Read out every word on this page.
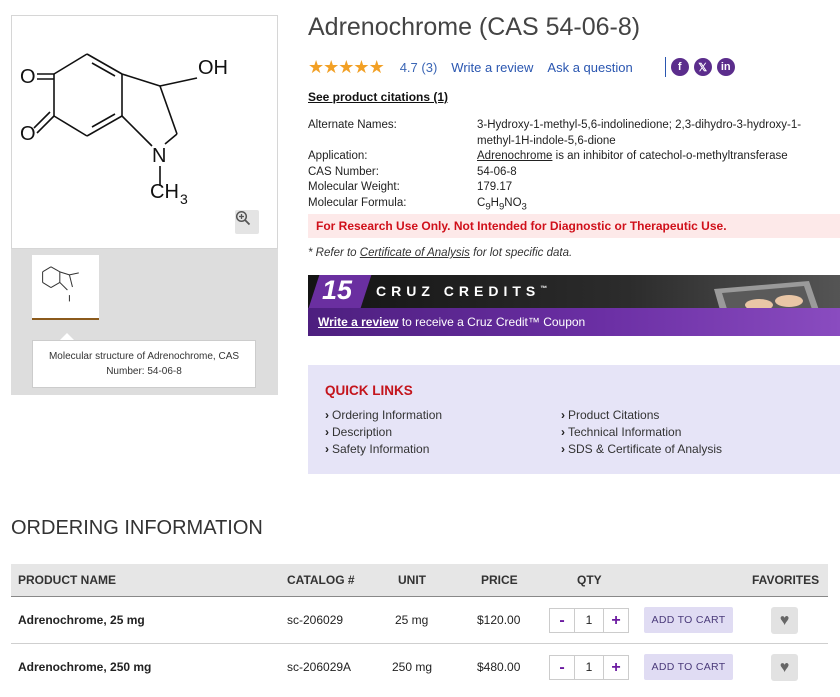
OH
O
O
N
CH 3
Molecular structure of Adrenochrome, CAS Number: 54-06-8
Adrenochrome (CAS 54-06-8)
★ ★ ★ ★ ★ 4.7 (3) Write a review Ask a question	f	𝕏	in
See product citations (1)
Alternate Names:	3-Hydroxy-1-methyl-5,6-indolinedione; 2,3-dihydro-3-hydroxy-1-methyl-1H-indole-5,6-dione
Application:	Adrenochrome is an inhibitor of catechol-o-methyltransferase
CAS Number:	54-06-8
Molecular Weight:	179.17
Molecular Formula:	$C_9H_9NO_3$
For Research Use Only. Not Intended for Diagnostic or Therapeutic Use.
* Refer to Certificate of Analysis for lot specific data.
15 CRUZ CREDITS™
Write a review to receive a Cruz Credit™ Coupon
QUICK LINKS
› Ordering Information
› Description
› Safety Information
› Product Citations
› Technical Information
› SDS & Certificate of Analysis
ORDERING INFORMATION
PRODUCT NAME	CATALOG #	UNIT	PRICE	QTY	FAVORITES
Adrenochrome, 25 mg	sc-206029	25 mg	$120.00	-	1	+	ADD TO CART	♥
Adrenochrome, 250 mg	sc-206029A	250 mg	$480.00	-	1	+	ADD TO CART	♥
